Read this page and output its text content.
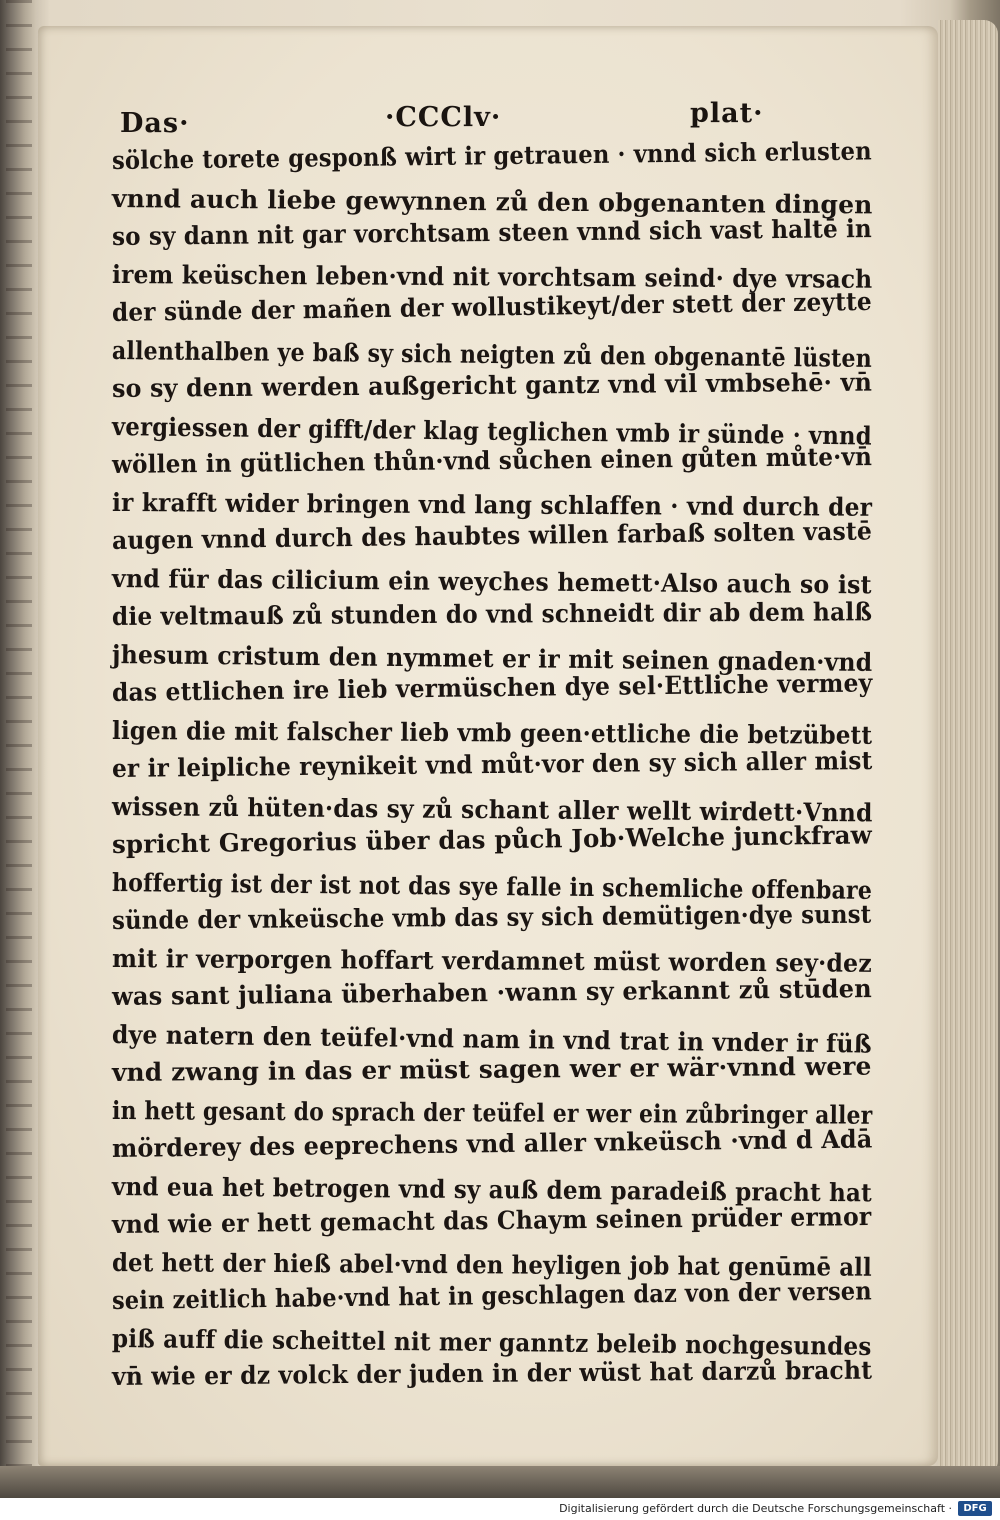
Das·	·CCClv·	plat·
sölche torete gesponß wirt ir getrauen · vnnd sich erlusten
vnnd auch liebe gewynnen zů den obgenanten dingen
so sy dann nit gar vorchtsam steen vnnd sich vast haltē in
irem keüschen leben·vnd nit vorchtsam seind· dye vrsach
der sünde der mañen der wollustikeyt/der stett der zeytte
allenthalben ye baß sy sich neigten zů den obgenantē lüsten
so sy denn werden außgericht gantz vnd vil vmbsehē· vn̄
vergiessen der gifft/der klag teglichen vmb ir sünde · vnnd
wöllen in gütlichen thůn·vnd sůchen einen gůten můte·vn̄
ir krafft wider bringen vnd lang schlaffen · vnd durch der
augen vnnd durch des haubtes willen farbaß solten vastē
vnd für das cilicium ein weyches hemett·Also auch so ist
die veltmauß zů stunden do vnd schneidt dir ab dem halß
jhesum cristum den nymmet er ir mit seinen gnaden·vnd
das ettlichen ire lieb vermüschen dye sel·Ettliche vermey
ligen die mit falscher lieb vmb geen·ettliche die betzübett
er ir leipliche reynikeit vnd můt·vor den sy sich aller mist
wissen zů hüten·das sy zů schant aller wellt wirdett·Vnnd
spricht Gregorius über das půch Job·Welche junckfraw
hoffertig ist der ist not das sye falle in schemliche offenbare
sünde der vnkeüsche vmb das sy sich demütigen·dye sunst
mit ir verporgen hoffart verdamnet müst worden sey·dez
was sant juliana überhaben ·wann sy erkannt zů stūden
dye natern den teüfel·vnd nam in vnd trat in vnder ir füß
vnd zwang in das er müst sagen wer er wär·vnnd were
in hett gesant do sprach der teüfel er wer ein zůbringer aller
mörderey des eeprechens vnd aller vnkeüsch ·vnd d Adā
vnd eua het betrogen vnd sy auß dem paradeiß pracht hat
vnd wie er hett gemacht das Chaym seinen prüder ermor
det hett der hieß abel·vnd den heyligen job hat genūmē all
sein zeitlich habe·vnd hat in geschlagen daz von der versen
piß auff die scheittel nit mer ganntz beleib nochgesundes
vn̄ wie er dz volck der juden in der wüst hat darzů bracht
Digitalisierung gefördert durch die Deutsche Forschungsgemeinschaft ·	DFG
